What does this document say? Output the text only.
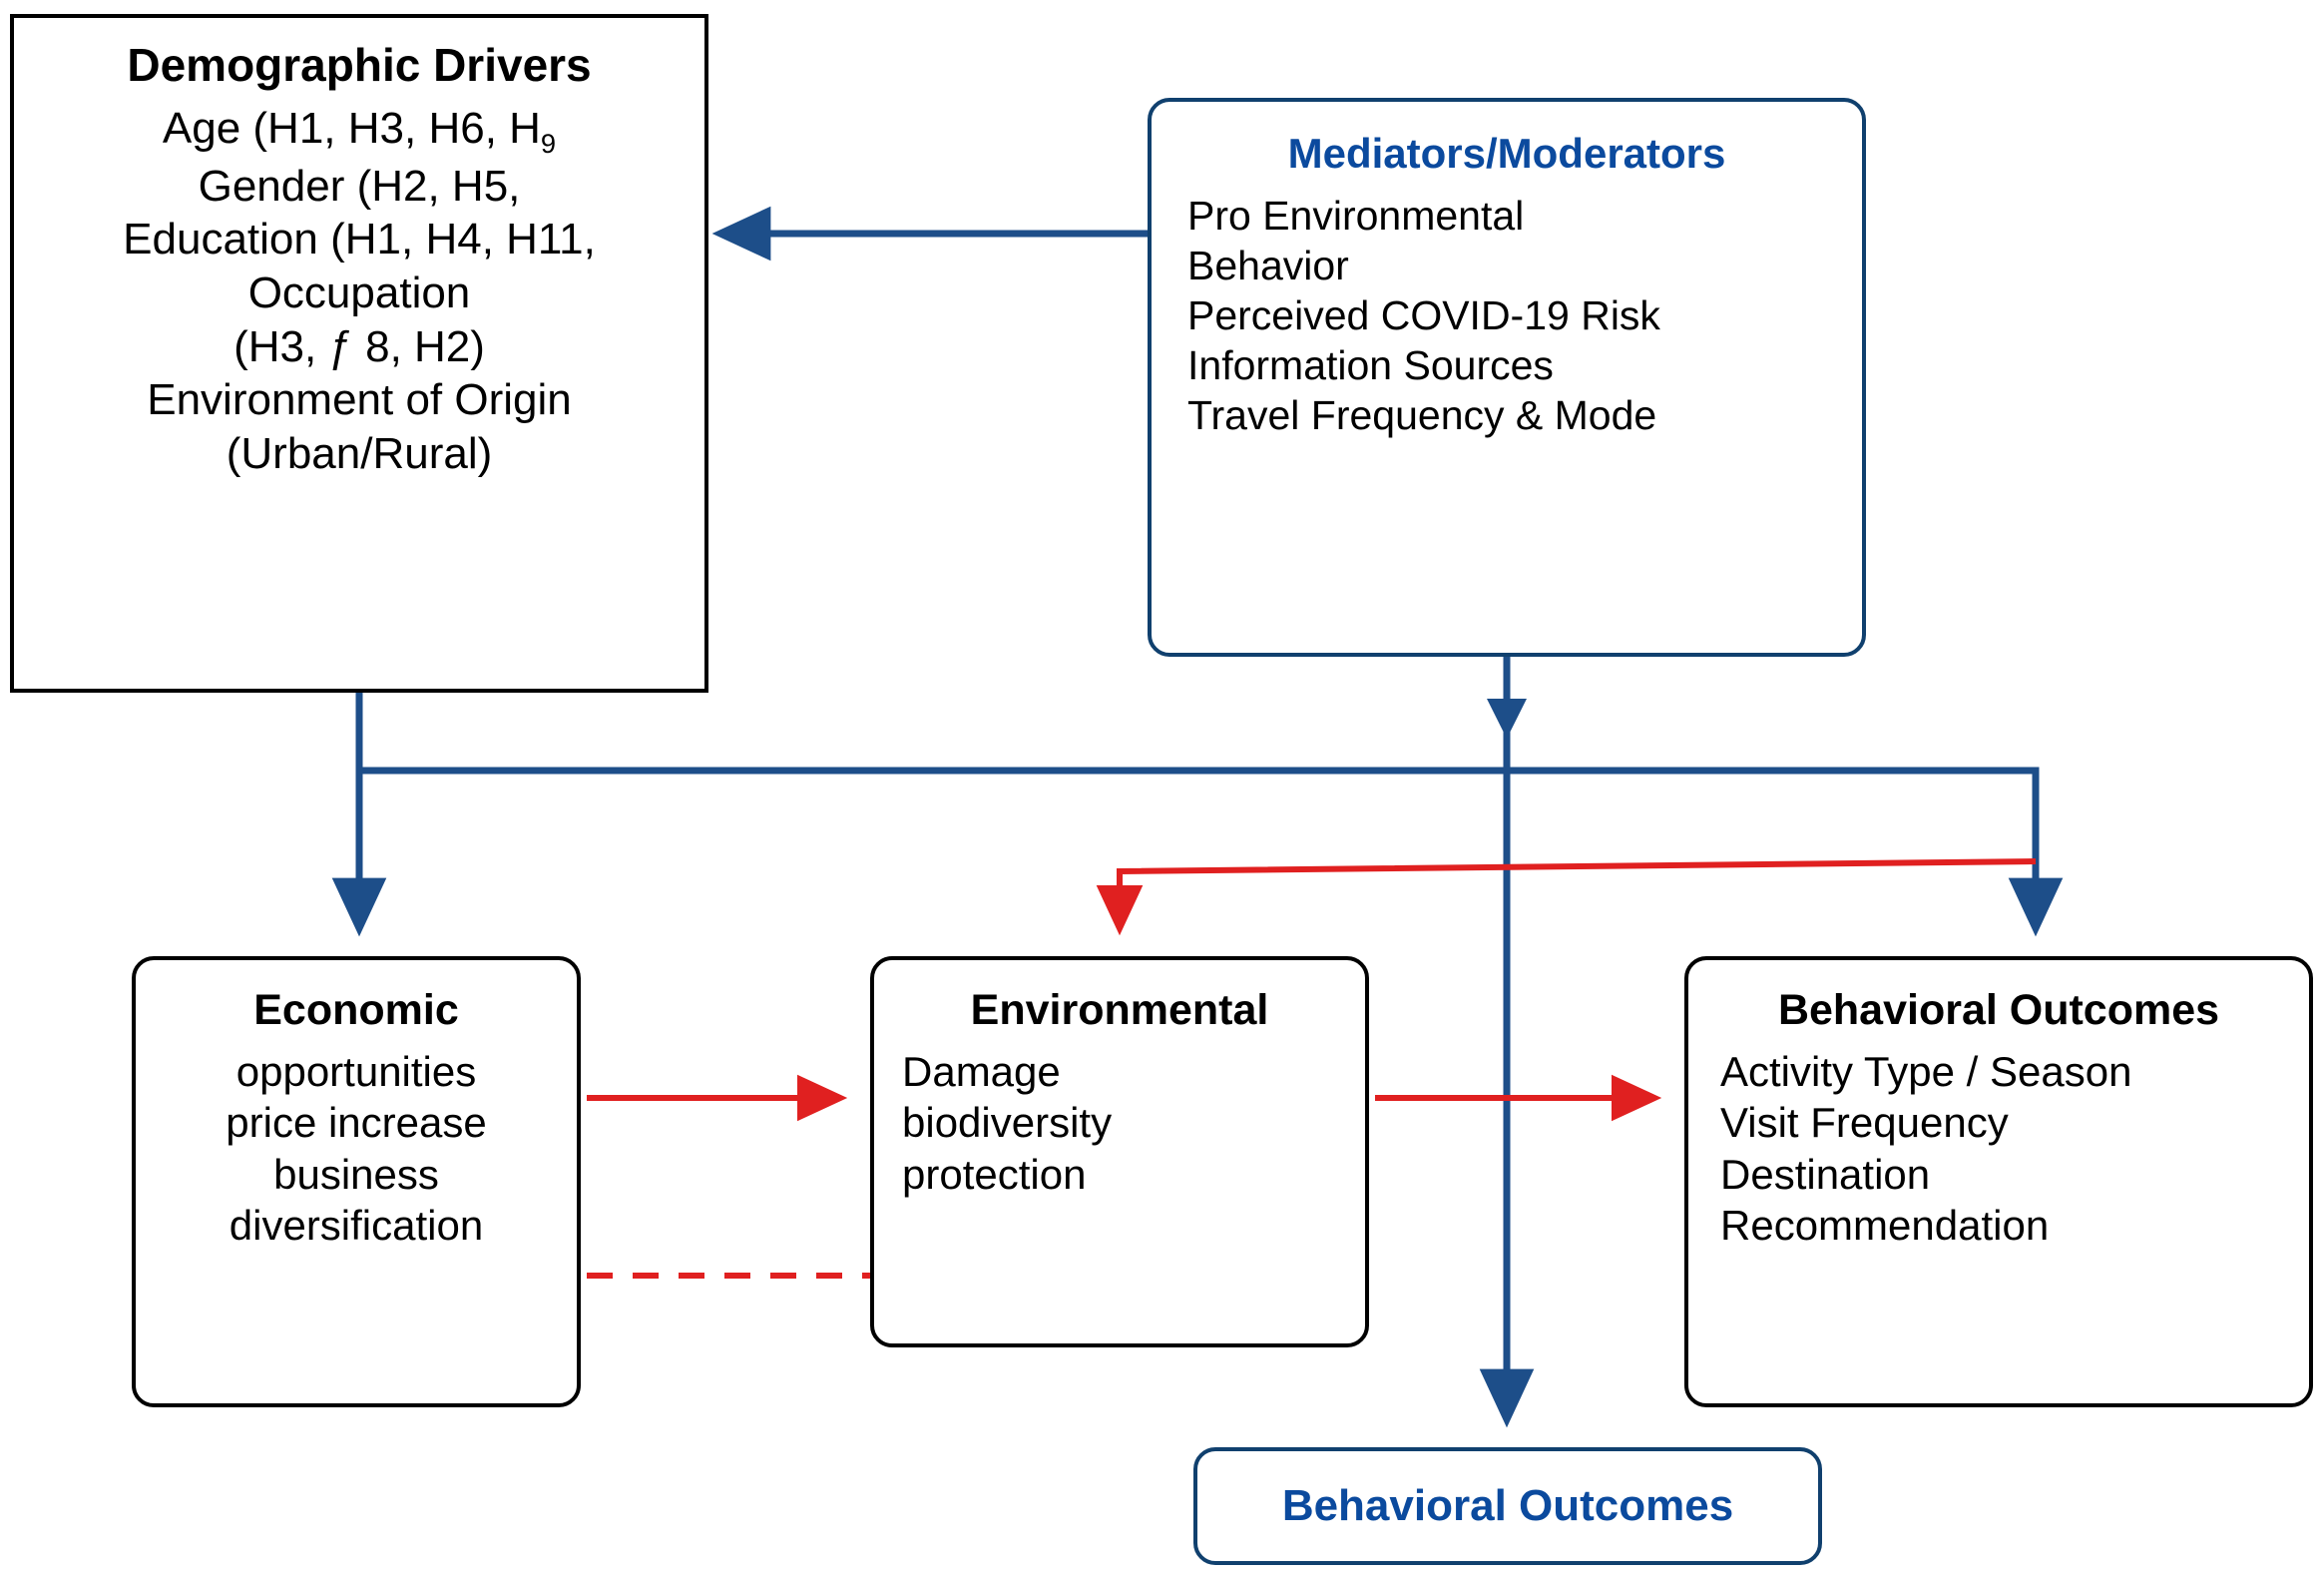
Demographic Drivers
Age (H1, H3, H6, $H_9$
Gender (H2, H5,
Education (H1, H4, H11,
Occupation
(H3, ƒ 8, H2)
Environment of Origin
(Urban/Rural)
Mediators/Moderators
Pro Environmental
Behavior
Perceived COVID-19 Risk
Information Sources
Travel Frequency & Mode
Economic
opportunities
price increase
business
diversification
Environmental
Damage
biodiversity
protection
Behavioral Outcomes
Activity Type / Season
Visit Frequency
Destination
Recommendation
Behavioral Outcomes
